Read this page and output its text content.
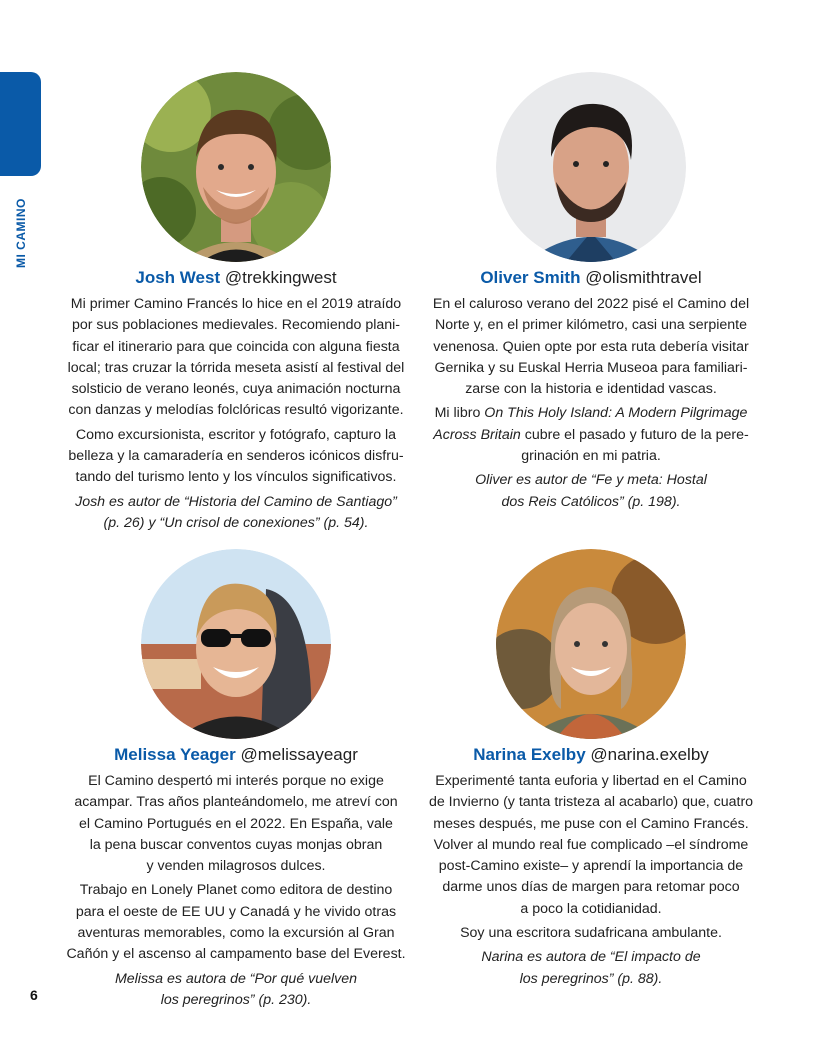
MI CAMINO
Josh West @trekkingwest

Mi primer Camino Francés lo hice en el 2019 atraído
por sus poblaciones medievales. Recomiendo plani-
ficar el itinerario para que coincida con alguna fiesta
local; tras cruzar la tórrida meseta asistí al festival del
solsticio de verano leonés, cuya animación nocturna
con danzas y melodías folclóricas resultó vigorizante.

Como excursionista, escritor y fotógrafo, capturo la
belleza y la camaradería en senderos icónicos disfru-
tando del turismo lento y los vínculos significativos.

Josh es autor de “Historia del Camino de Santiago”
(p. 26) y “Un crisol de conexiones” (p. 54).

Oliver Smith @olismithtravel

En el caluroso verano del 2022 pisé el Camino del
Norte y, en el primer kilómetro, casi una serpiente
venenosa. Quien opte por esta ruta debería visitar
Gernika y su Euskal Herria Museoa para familiari-
zarse con la historia e identidad vascas.

Mi libro On This Holy Island: A Modern Pilgrimage
Across Britain cubre el pasado y futuro de la pere-
grinación en mi patria.

Oliver es autor de “Fe y meta: Hostal
dos Reis Católicos” (p. 198).

Melissa Yeager @melissayeagr

El Camino despertó mi interés porque no exige
acampar. Tras años planteándomelo, me atreví con
el Camino Portugués en el 2022. En España, vale
la pena buscar conventos cuyas monjas obran
y venden milagrosos dulces.

Trabajo en Lonely Planet como editora de destino
para el oeste de EE UU y Canadá y he vivido otras
aventuras memorables, como la excursión al Gran
Cañón y el ascenso al campamento base del Everest.

Melissa es autora de “Por qué vuelven
los peregrinos” (p. 230).

Narina Exelby @narina.exelby

Experimenté tanta euforia y libertad en el Camino
de Invierno (y tanta tristeza al acabarlo) que, cuatro
meses después, me puse con el Camino Francés.
Volver al mundo real fue complicado –el síndrome
post-Camino existe– y aprendí la importancia de
darme unos días de margen para retomar poco
a poco la cotidianidad.

Soy una escritora sudafricana ambulante.

Narina es autora de “El impacto de
los peregrinos” (p. 88).

6
